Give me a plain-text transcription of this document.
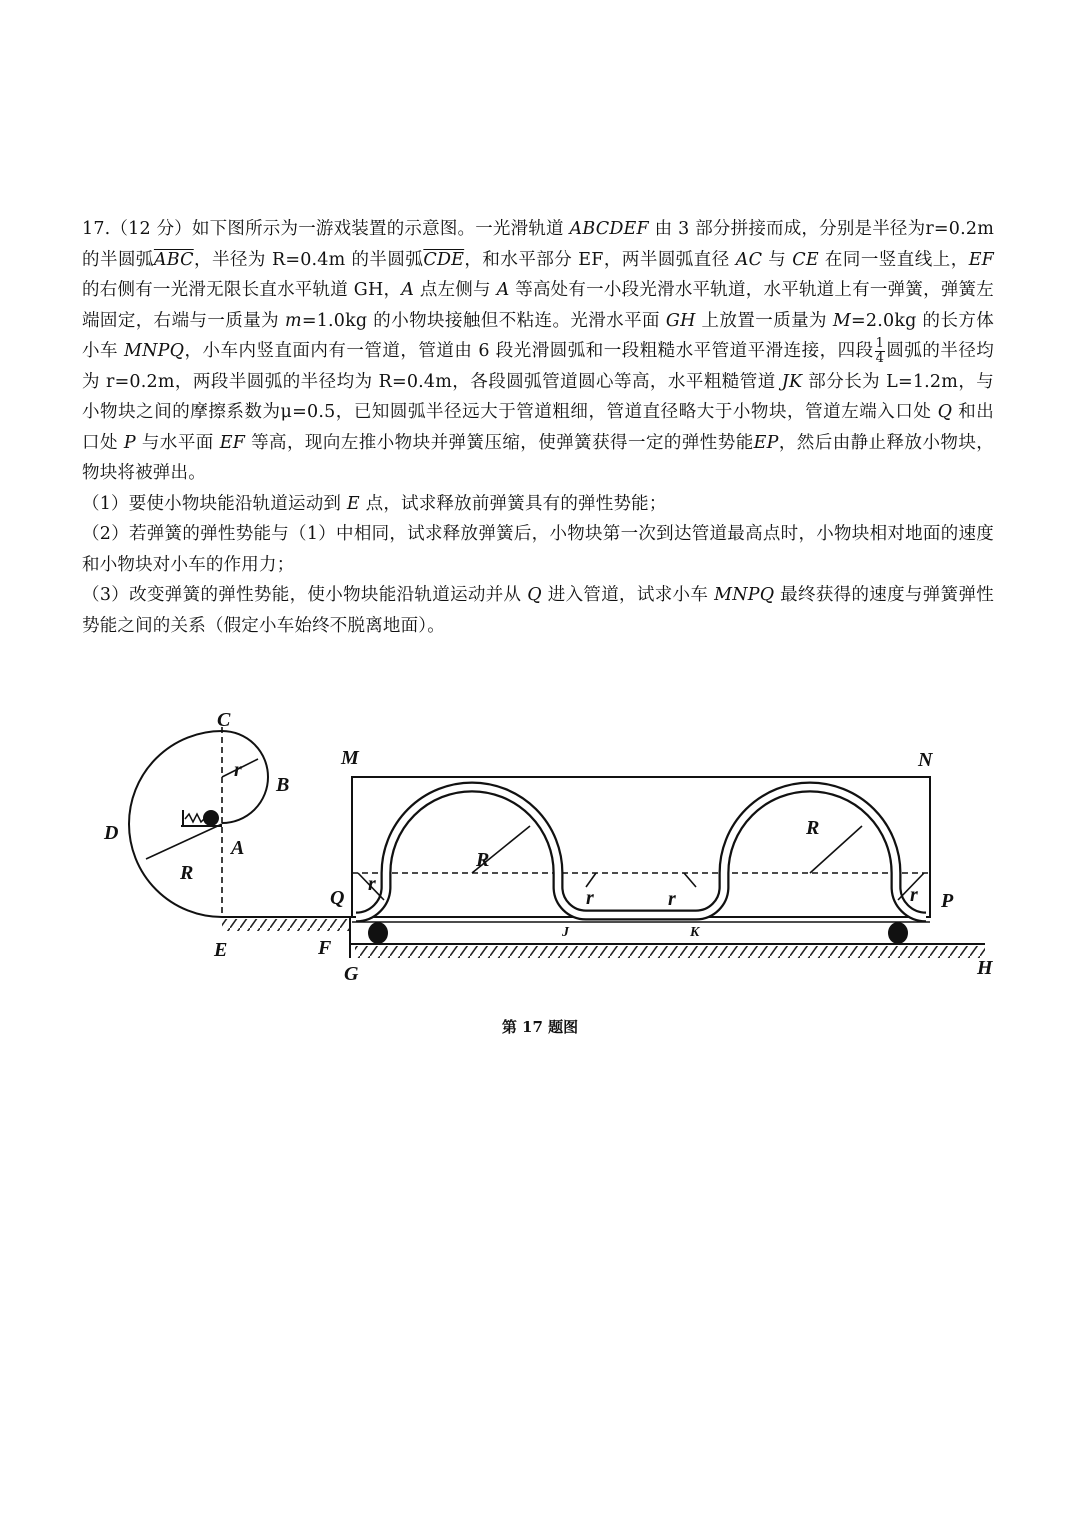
17.（12 分）如下图所示为一游戏装置的示意图。一光滑轨道 ABCDEF 由 3 部分拼接而成，分别是半径为r=0.2m 的半圆弧$\overline{ABC}$，半径为 R=0.4m 的半圆弧$\overline{CDE}$，和水平部分 EF，两半圆弧直径 AC 与 CE 在同一竖直线上，EF 的右侧有一光滑无限长直水平轨道 GH，A 点左侧与 A 等高处有一小段光滑水平轨道，水平轨道上有一弹簧，弹簧左端固定，右端与一质量为 m=1.0kg 的小物块接触但不粘连。光滑水平面 GH 上放置一质量为 M=2.0kg 的长方体小车 MNPQ，小车内竖直面内有一管道，管道由 6 段光滑圆弧和一段粗糙水平管道平滑连接，四段 $\frac{1}{4}$ 圆弧的半径均为 r=0.2m，两段半圆弧的半径均为 R=0.4m，各段圆弧管道圆心等高，水平粗糙管道 JK 部分长为 L=1.2m，与小物块之间的摩擦系数为μ=0.5，已知圆弧半径远大于管道粗细，管道直径略大于小物块，管道左端入口处 Q 和出口处 P 与水平面 EF 等高，现向左推小物块并弹簧压缩，使弹簧获得一定的弹性势能EP，然后由静止释放小物块，物块将被弹出。

（1）要使小物块能沿轨道运动到 E 点，试求释放前弹簧具有的弹性势能；

（2）若弹簧的弹性势能与（1）中相同，试求释放弹簧后，小物块第一次到达管道最高点时，小物块相对地面的速度和小物块对小车的作用力；

（3）改变弹簧的弹性势能，使小物块能沿轨道运动并从 Q 进入管道，试求小车 MNPQ 最终获得的速度与弹簧弹性势能之间的关系（假定小车始终不脱离地面）。

C
B
D
A
E	F
G	H
M	N
Q	P
J	K
r
R
R
R
r
r	r	r
第 17 题图
